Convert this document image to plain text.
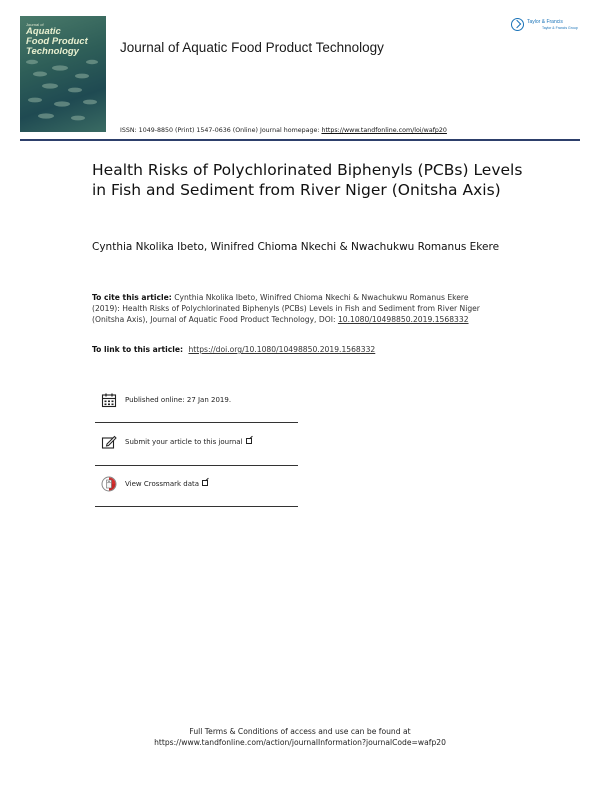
Journal of
Aquatic
Food Product
Technology	Journal of Aquatic Food Product Technology
Taylor & Francis
Taylor & Francis Group
ISSN: 1049-8850 (Print) 1547-0636 (Online) Journal homepage: https://www.tandfonline.com/loi/wafp20
Health Risks of Polychlorinated Biphenyls (PCBs) Levels in Fish and Sediment from River Niger (Onitsha Axis)
Cynthia Nkolika Ibeto, Winifred Chioma Nkechi & Nwachukwu Romanus Ekere
To cite this article: Cynthia Nkolika Ibeto, Winifred Chioma Nkechi & Nwachukwu Romanus Ekere (2019): Health Risks of Polychlorinated Biphenyls (PCBs) Levels in Fish and Sediment from River Niger (Onitsha Axis), Journal of Aquatic Food Product Technology, DOI: 10.1080/10498850.2019.1568332
To link to this article: https://doi.org/10.1080/10498850.2019.1568332
Published online: 27 Jan 2019.
Submit your article to this journal
View Crossmark data
Full Terms & Conditions of access and use can be found at
https://www.tandfonline.com/action/journalInformation?journalCode=wafp20
